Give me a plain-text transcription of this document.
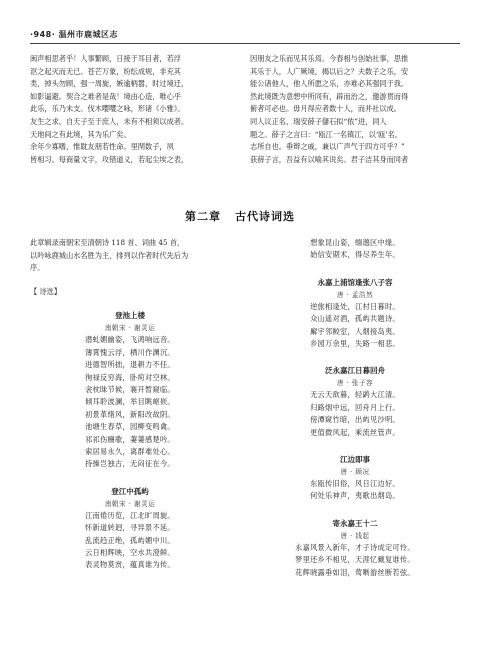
·948· 温州市鹿城区志

闽声相思者乎！人事繁顾，日接于耳目者，若浮

沤之起灭而无已。苍芒万象，纷纭成规，非充其

类，掉头勿顾，强一周旋，嫉逾柄嚣，时过境迁，

如影逼避。契合之难者是哉！境由心造，唯心乎

此乐，乐乃未支。伐木嘤嘤之咏，形诸《小雅》。

友生之求，自天子至于庶人，未有不相须以成者。

天地间之有此境，其为乐广矣。

余年少寡嗜，惟耽友朋若性命。里閈数子，夙

皆相习。每商量文字，攻错道义，若起尘埃之表，

因朋友之乐而见其乐焉。今春相与创始社事，思推

其乐于人，人广厥境，揭以后之？夫数子之乐，安

能公诸他人，他人所愿之乐，亦难必其强同于我。

然此境既为意想中所同有，辟而治之，邀游贯而得

俯者可必也。毋月得应者数十人，而并社以成。

同人议正名，瑞安薛子儲石拟“侬”进，同人

题之。薛子之言曰：“瓯江一名镇江，以‘瓯’名，

志所自也。垂辫之戚，兼以广声气于四方可乎？”

获薛子言，吾益有以喻其说矣。君子洁其身而同者

第二章 古代诗词选

此章辑录南朝宋至清朝诗 118 首、词曲 45 首，

以吟咏鹿城山水名胜为主，排列以作者时代先后为

序。

【 诗选】
登池上楼
南朝宋 · 谢灵运
潜虬媚幽姿，飞鸿响远音。
薄霄愧云浮，栖川作渊沉。
进德智所拙，退耕力不任。
徇禄反穷海，卧疴对空林。
衾枕昧节候，褰开暂窥临。
倾耳聆波澜，举目眺岖嵚。
初景革绪风，新阳改故阴。
池塘生春草，园柳变鸣禽。
祁祁伤豳歌，萋萋感楚吟。
索居易永久，离群难处心。
持操岂独古，无闷征在今。
登江中孤屿
南朝宋 · 谢灵运
江南倦历览，江北旷周旋。
怀新道转迥，寻异景不延。
乱流趋正绝，孤屿媚中川。
云日相辉映，空水共澄鲜。
表灵物莫赏，蕴真谁为传。
想象昆山姿，缅邈区中缘。
始信安期术，得尽养生年。
永嘉上浦馆逢张八子容
唐 · 孟浩然
逆旅相逢处，江村日暮时。
众山遥对酒，孤屿共题诗。
廨宇邻鲛室，人烟接岛夷。
乡园万余里，失路一相悲。
泛永嘉江日暮回舟
唐 · 张子容
无云天欲暮，轻鹢大江清。
归路烟中远，回舟月上行。
傍潭窥竹暗，出屿见沙明。
更值微风起，乘流丝管声。
江边即事
唐 · 顾况
东瓯传旧俗，风日江边好。
何处乐神声，夷歌出烟岛。
寄永嘉王十二
唐 · 钱起
永嘉风景入新年，才子诗成定可怜。
梦里还乡不相见，天涯忆戴复谁传。
花辉晓露垂如泪，莺啭游丝断若弦。
